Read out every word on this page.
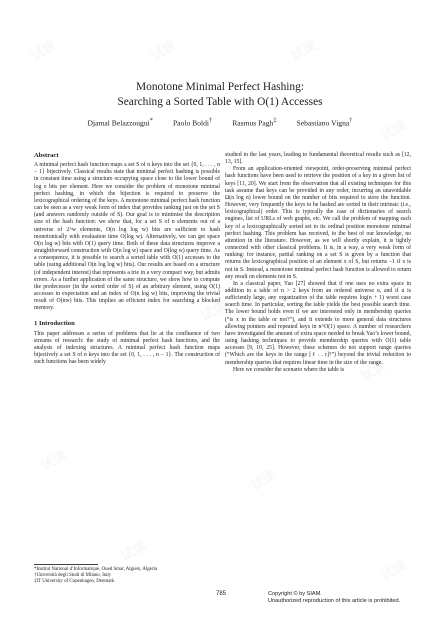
试读	试读	试读
试读
试读
试读
试读
试读
试读
试读
试读
Monotone Minimal Perfect Hashing:
Searching a Sorted Table with O(1) Accesses
Djamal Belazzougui*	Paolo Boldi†	Rasmus Pagh‡	Sebastiano Vigna†
Abstract

A minimal perfect hash function maps a set S of n keys into the set {0, 1, . . . , n − 1} bijectively. Classical results state that minimal perfect hashing is possible in constant time using a structure occupying space close to the lower bound of log e bits per element. Here we consider the problem of monotone minimal perfect hashing, in which the bijection is required to preserve the lexicographical ordering of the keys. A monotone minimal perfect hash function can be seen as a very weak form of index that provides ranking just on the set S (and answers randomly outside of S). Our goal is to minimise the description size of the hash function: we show that, for a set S of n elements out of a universe of 2^w elements, O(n log log w) bits are sufficient to hash monotonically with evaluation time O(log w). Alternatively, we can get space O(n log w) bits with O(1) query time. Both of these data structures improve a straightforward construction with O(n log w) space and O(log w) query time. As a consequence, it is possible to search a sorted table with O(1) accesses to the table (using additional O(n log log w) bits). Our results are based on a structure (of independent interest) that represents a trie in a very compact way, but admits errors. As a further application of the same structure, we show how to compute the predecessor (in the sorted order of S) of an arbitrary element, using O(1) accesses in expectation and an index of O(n log w) bits, improving the trivial result of O(nw) bits. This implies an efficient index for searching a blocked memory.

1 Introduction

This paper addresses a series of problems that lie at the confluence of two streams of research: the study of minimal perfect hash functions, and the analysis of indexing structures. A minimal perfect hash function maps bijectively a set S of n keys into the set {0, 1, . . . , n − 1}. The construction of such functions has been widely

studied in the last years, leading to fundamental theoretical results such as [12, 13, 15].

From an application-oriented viewpoint, order-preserving minimal perfect hash functions have been used to retrieve the position of a key in a given list of keys [11, 20]. We start from the observation that all existing techniques for this task assume that keys can be provided in any order, incurring an unavoidable Ω(n log n) lower bound on the number of bits required to store the function. However, very frequently the keys to be hashed are sorted in their intrinsic (i.e., lexicographical) order. This is typically the case of dictionaries of search engines, list of URLs of web graphs, etc. We call the problem of mapping each key of a lexicographically sorted set to its ordinal position monotone minimal perfect hashing. This problem has received, to the best of our knowledge, no attention in the literature. However, as we will shortly explain, it is tightly connected with other classical problems. It is, in a way, a very weak form of ranking: for instance, partial ranking on a set S is given by a function that returns the lexicographical position of an element x of S, but returns −1 if x is not in S. Instead, a monotone minimal perfect hash function is allowed to return any result on elements not in S.

In a classical paper, Yao [27] showed that if one uses no extra space in addition to a table of n > 2 keys from an ordered universe u, and if u is sufficiently large, any organization of the table requires log(n + 1) worst case search time. In particular, sorting the table yields the best possible search time. The lower bound holds even if we are interested only in membership queries (“is x in the table or not?”), and it extends to more general data structures allowing pointers and repeated keys in n^O(1) space. A number of researchers have investigated the amount of extra space needed to break Yao’s lower bound, using hashing techniques to provide membership queries with O(1) table accesses [9, 10, 25]. However, these schemes do not support range queries (“Which are the keys in the range [ℓ . . r]?”) beyond the trivial reduction to membership queries that requires linear time in the size of the range.

Here we consider the scenario where the table is

*Institut National d’Informatique, Oued Smar, Algiers, Algeria
†Università degli Studi di Milano, Italy
‡IT University of Copenhagen, Denmark
785	Copyright © by SIAM.
Unauthorized reproduction of this article is prohibited.
